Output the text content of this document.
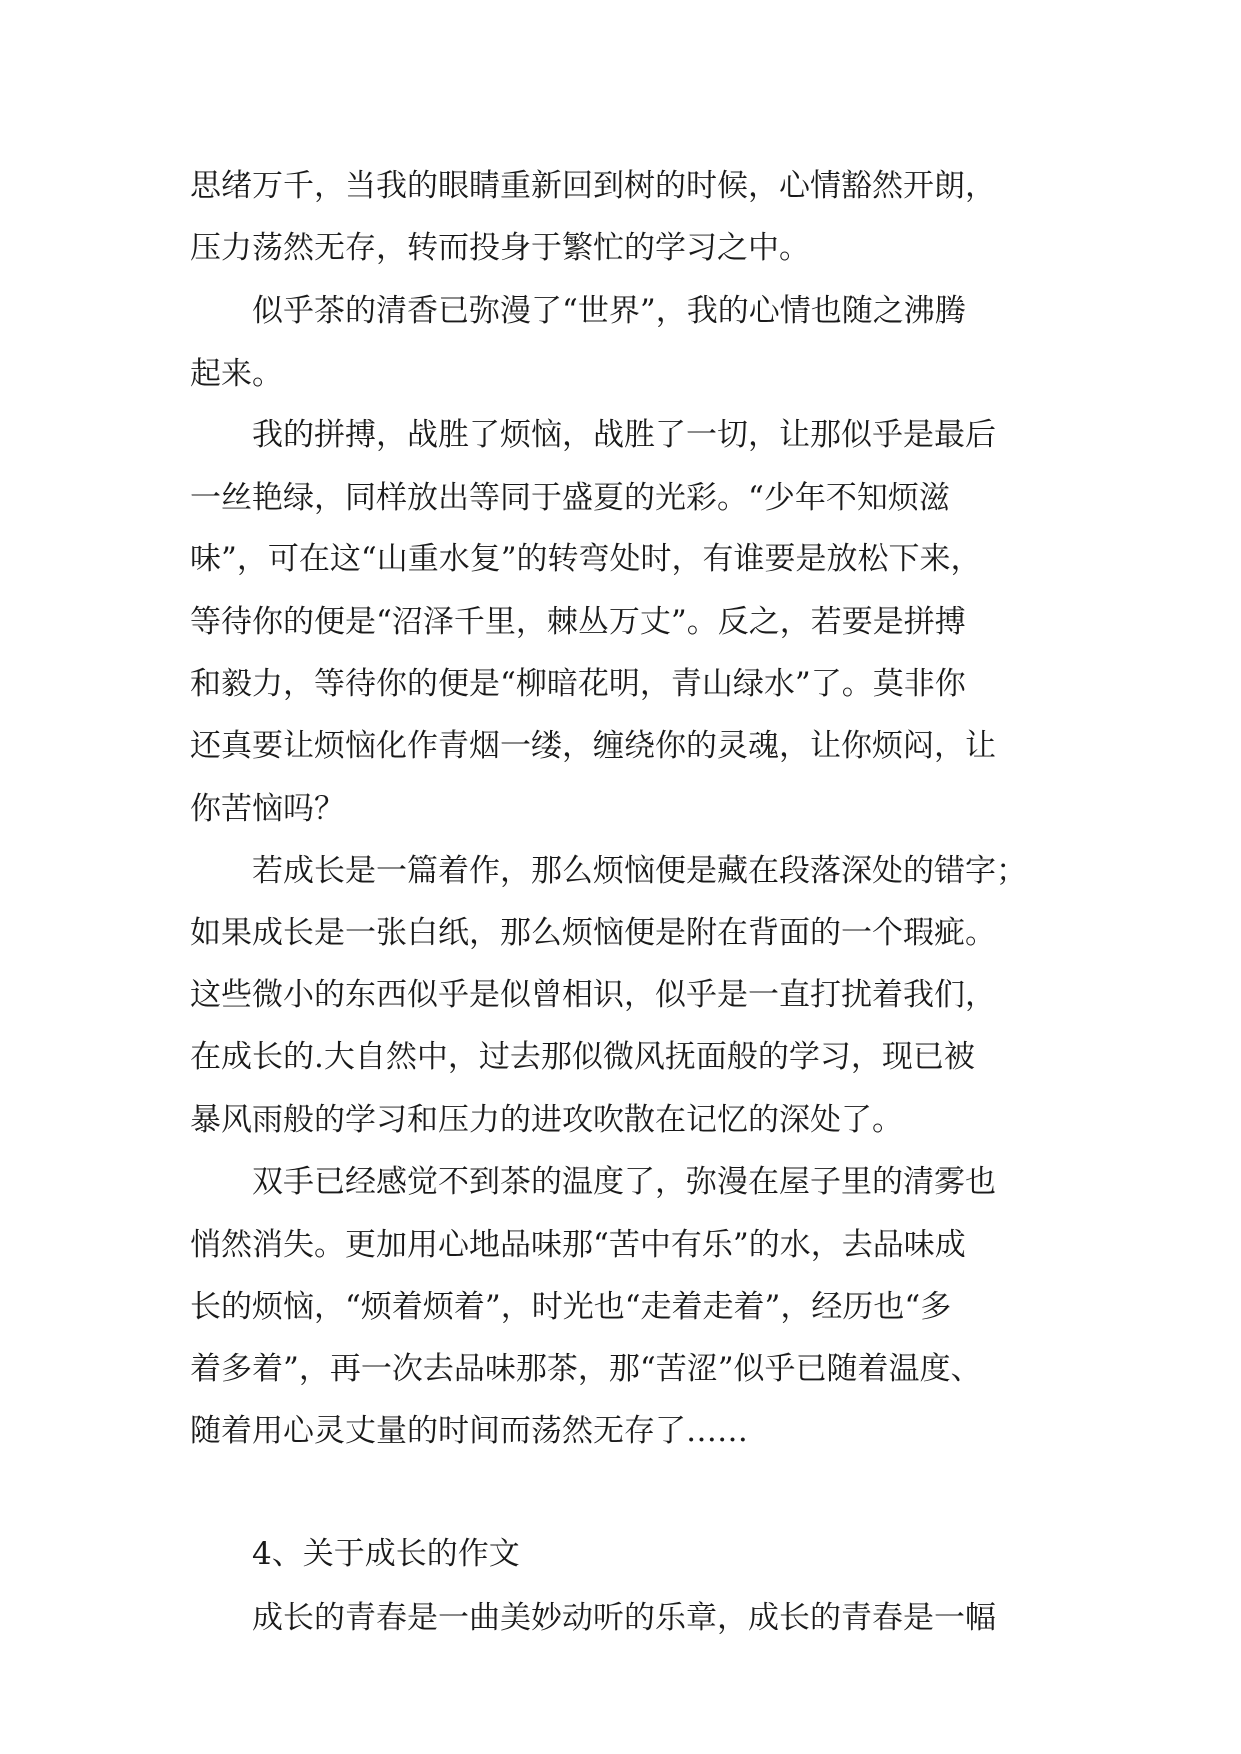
思绪万千，当我的眼睛重新回到树的时候，心情豁然开朗，
压力荡然无存，转而投身于繁忙的学习之中。
似乎茶的清香已弥漫了“世界”，我的心情也随之沸腾
起来。
我的拼搏，战胜了烦恼，战胜了一切，让那似乎是最后
一丝艳绿，同样放出等同于盛夏的光彩。“少年不知烦滋
味”，可在这“山重水复”的转弯处时，有谁要是放松下来，
等待你的便是“沼泽千里，棘丛万丈”。反之，若要是拼搏
和毅力，等待你的便是“柳暗花明，青山绿水”了。莫非你
还真要让烦恼化作青烟一缕，缠绕你的灵魂，让你烦闷，让
你苦恼吗？
若成长是一篇着作，那么烦恼便是藏在段落深处的错字；
如果成长是一张白纸，那么烦恼便是附在背面的一个瑕疵。
这些微小的东西似乎是似曾相识，似乎是一直打扰着我们，
在成长的.大自然中，过去那似微风抚面般的学习，现已被
暴风雨般的学习和压力的进攻吹散在记忆的深处了。
双手已经感觉不到茶的温度了，弥漫在屋子里的清雾也
悄然消失。更加用心地品味那“苦中有乐”的水，去品味成
长的烦恼，“烦着烦着”，时光也“走着走着”，经历也“多
着多着”，再一次去品味那茶，那“苦涩”似乎已随着温度、
随着用心灵丈量的时间而荡然无存了……
4、关于成长的作文
成长的青春是一曲美妙动听的乐章，成长的青春是一幅
